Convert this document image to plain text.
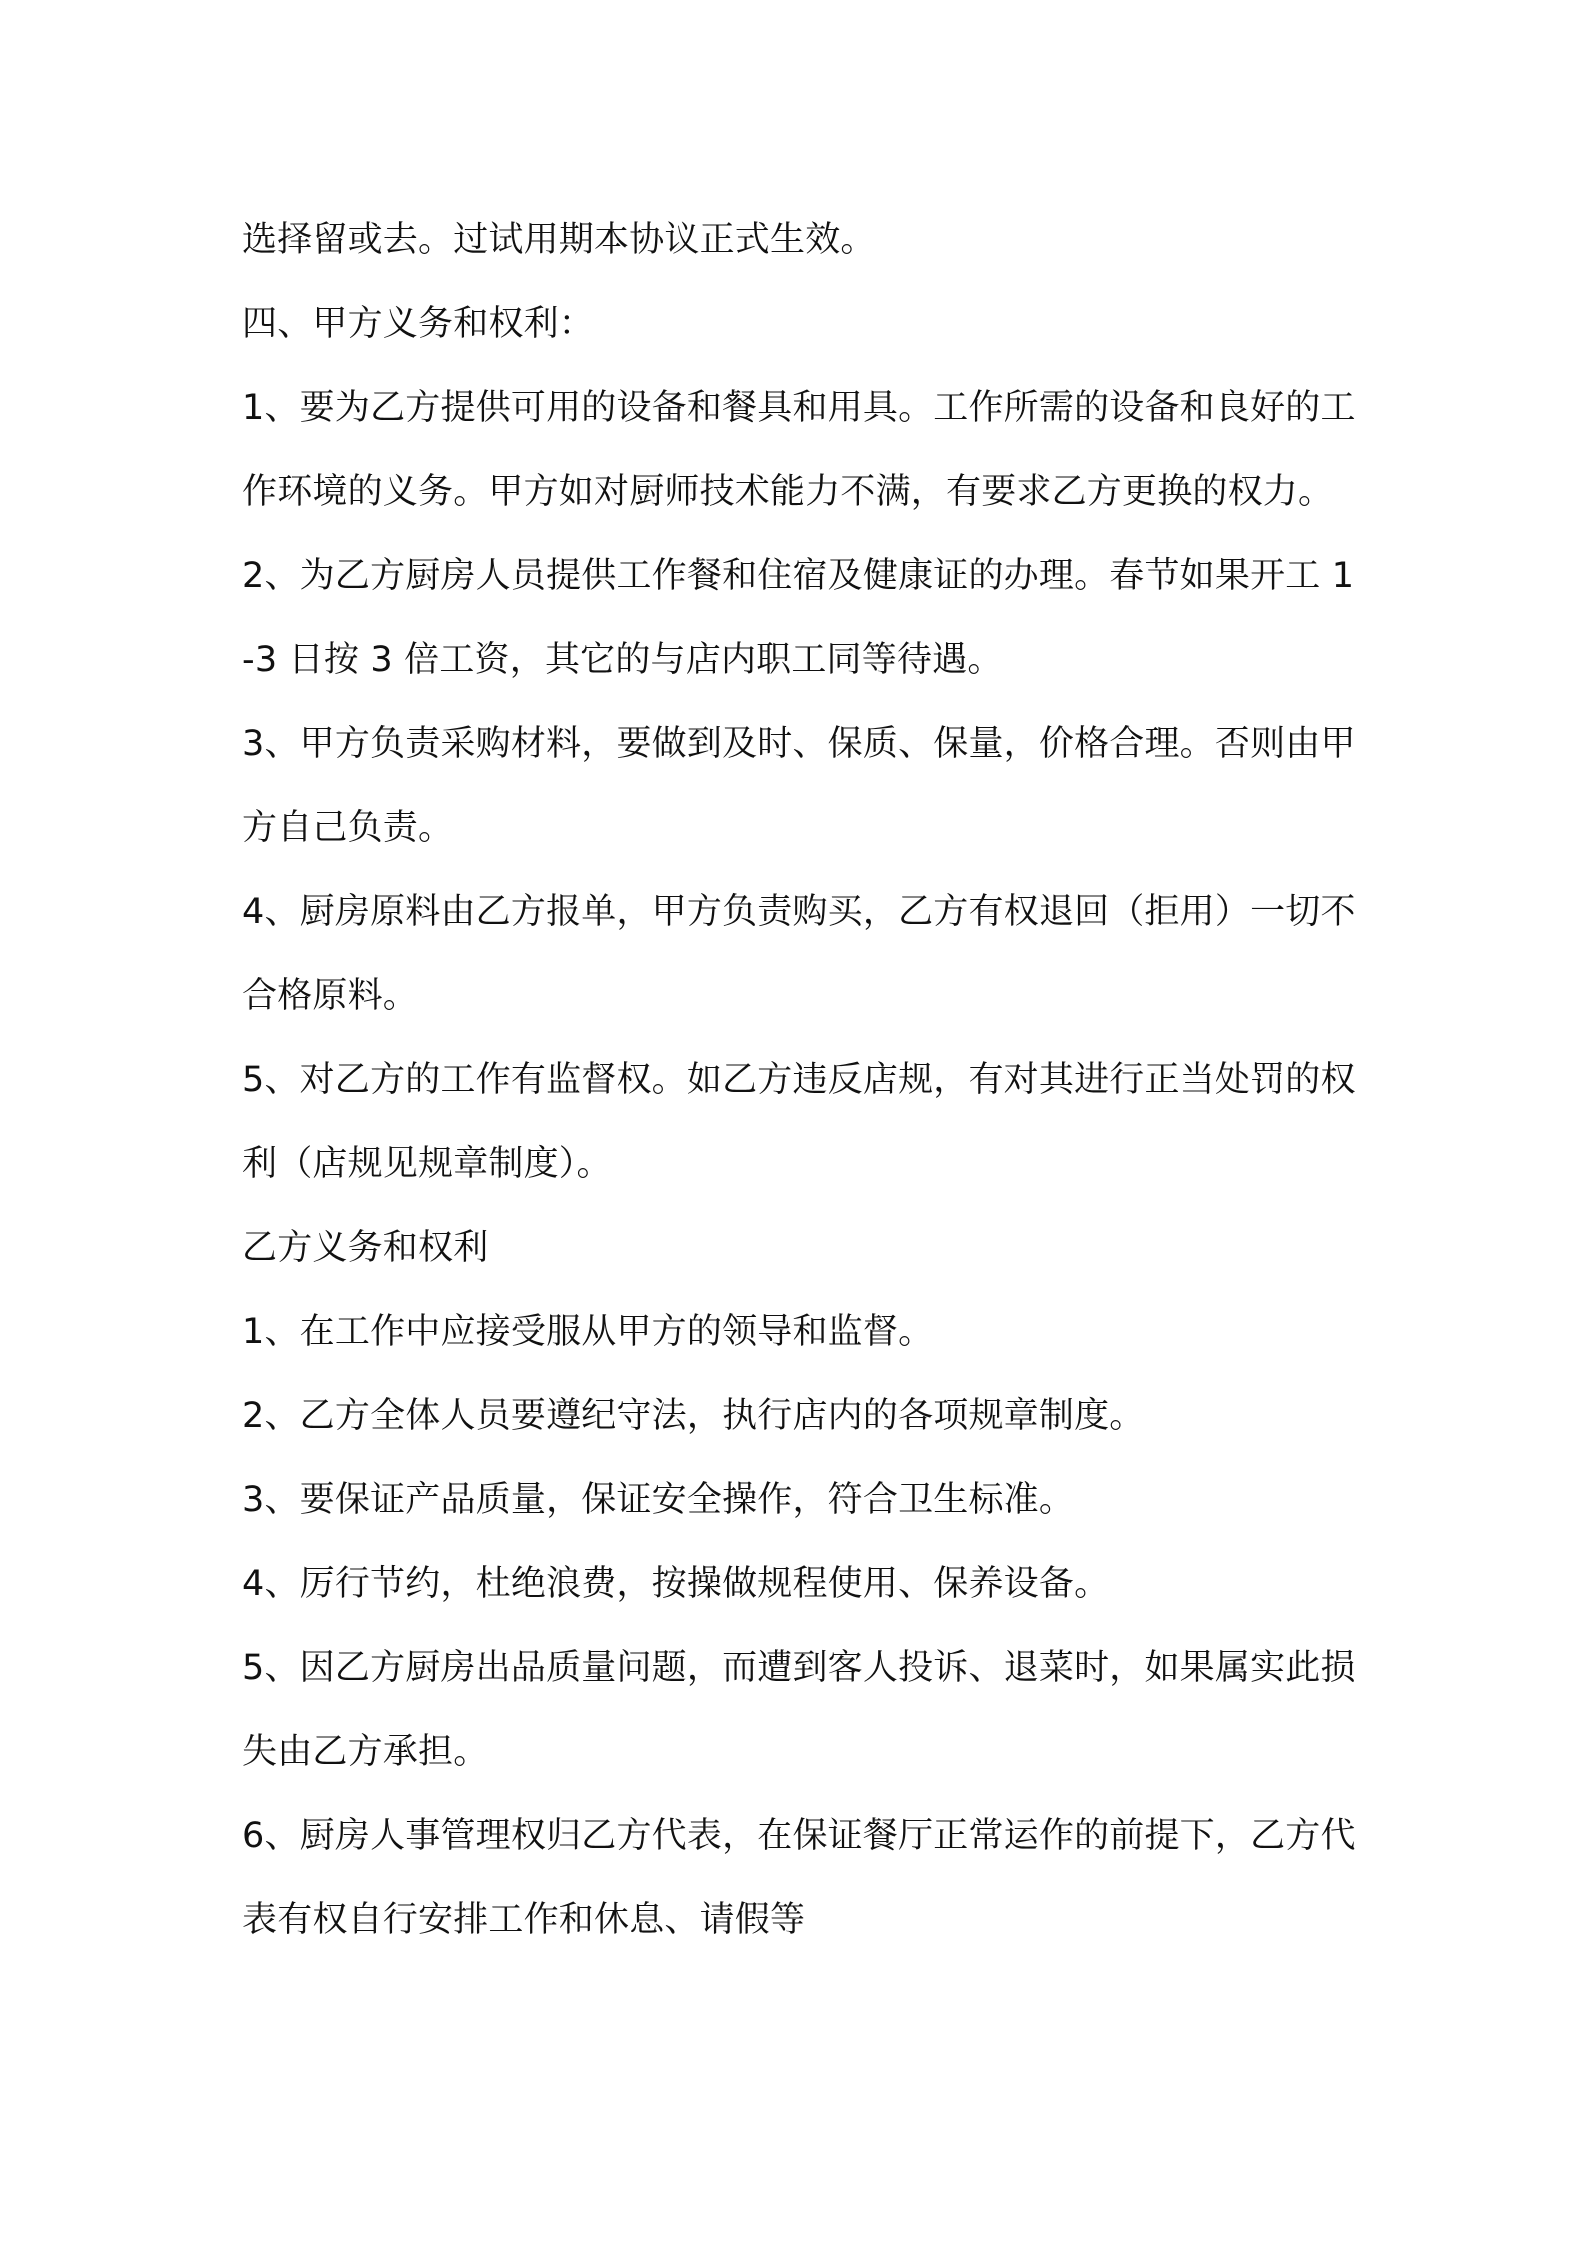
选择留或去。过试用期本协议正式生效。

四、甲方义务和权利：

1、要为乙方提供可用的设备和餐具和用具。工作所需的设备和良好的工作环境的义务。甲方如对厨师技术能力不满，有要求乙方更换的权力。

2、为乙方厨房人员提供工作餐和住宿及健康证的办理。春节如果开工 1-3 日按 3 倍工资，其它的与店内职工同等待遇。

3、甲方负责采购材料，要做到及时、保质、保量，价格合理。否则由甲方自己负责。

4、厨房原料由乙方报单，甲方负责购买，乙方有权退回（拒用）一切不合格原料。

5、对乙方的工作有监督权。如乙方违反店规，有对其进行正当处罚的权利（店规见规章制度）。

乙方义务和权利

1、在工作中应接受服从甲方的领导和监督。

2、乙方全体人员要遵纪守法，执行店内的各项规章制度。

3、要保证产品质量，保证安全操作，符合卫生标准。

4、厉行节约，杜绝浪费，按操做规程使用、保养设备。

5、因乙方厨房出品质量问题，而遭到客人投诉、退菜时，如果属实此损失由乙方承担。

6、厨房人事管理权归乙方代表，在保证餐厅正常运作的前提下，乙方代表有权自行安排工作和休息、请假等
